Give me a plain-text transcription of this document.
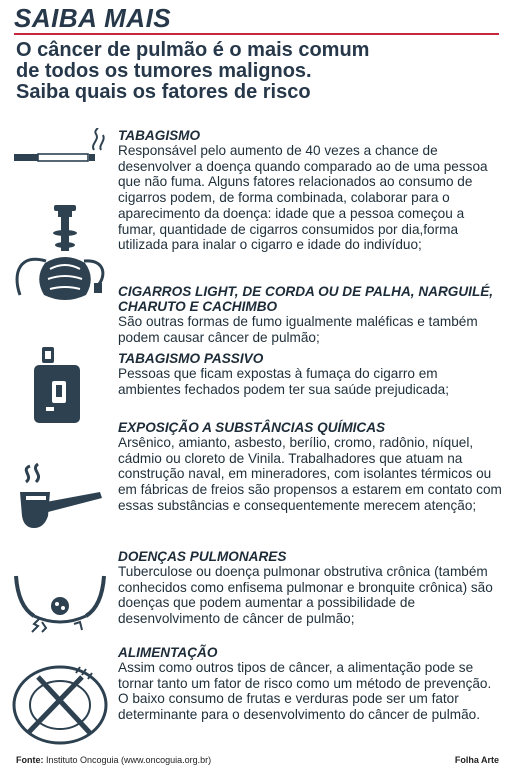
SAIBA MAIS
O câncer de pulmão é o mais comum
de todos os tumores malignos.
Saiba quais os fatores de risco
TABAGISMO

Responsável pelo aumento de 40 vezes a chance de desenvolver a doença quando comparado ao de uma pessoa que não fuma. Alguns fatores relacionados ao consumo de cigarros podem, de forma combinada, colaborar para o aparecimento da doença: idade que a pessoa começou a fumar, quantidade de cigarros consumidos por dia,forma utilizada para inalar o cigarro e idade do indivíduo;

CIGARROS LIGHT, DE CORDA OU DE PALHA, NARGUILÉ, CHARUTO E CACHIMBO

São outras formas de fumo igualmente maléficas e também podem causar câncer de pulmão;

TABAGISMO PASSIVO

Pessoas que ficam expostas à fumaça do cigarro em ambientes fechados podem ter sua saúde prejudicada;

EXPOSIÇÃO A SUBSTÂNCIAS QUÍMICAS

Arsênico, amianto, asbesto, berílio, cromo, radônio, níquel, cádmio ou cloreto de Vinila. Trabalhadores que atuam na construção naval, em mineradores, com isolantes térmicos ou em fábricas de freios são propensos a estarem em contato com essas substâncias e consequentemente merecem atenção;

DOENÇAS PULMONARES

Tuberculose ou doença pulmonar obstrutiva crônica (também conhecidos como enfisema pulmonar e bronquite crônica) são doenças que podem aumentar a possibilidade de desenvolvimento de câncer de pulmão;

ALIMENTAÇÃO

Assim como outros tipos de câncer, a alimentação pode se tornar tanto um fator de risco como um método de prevenção. O baixo consumo de frutas e verduras pode ser um fator determinante para o desenvolvimento do câncer de pulmão.

Fonte: Instituto Oncoguia (www.oncoguia.org.br)	Folha Arte
